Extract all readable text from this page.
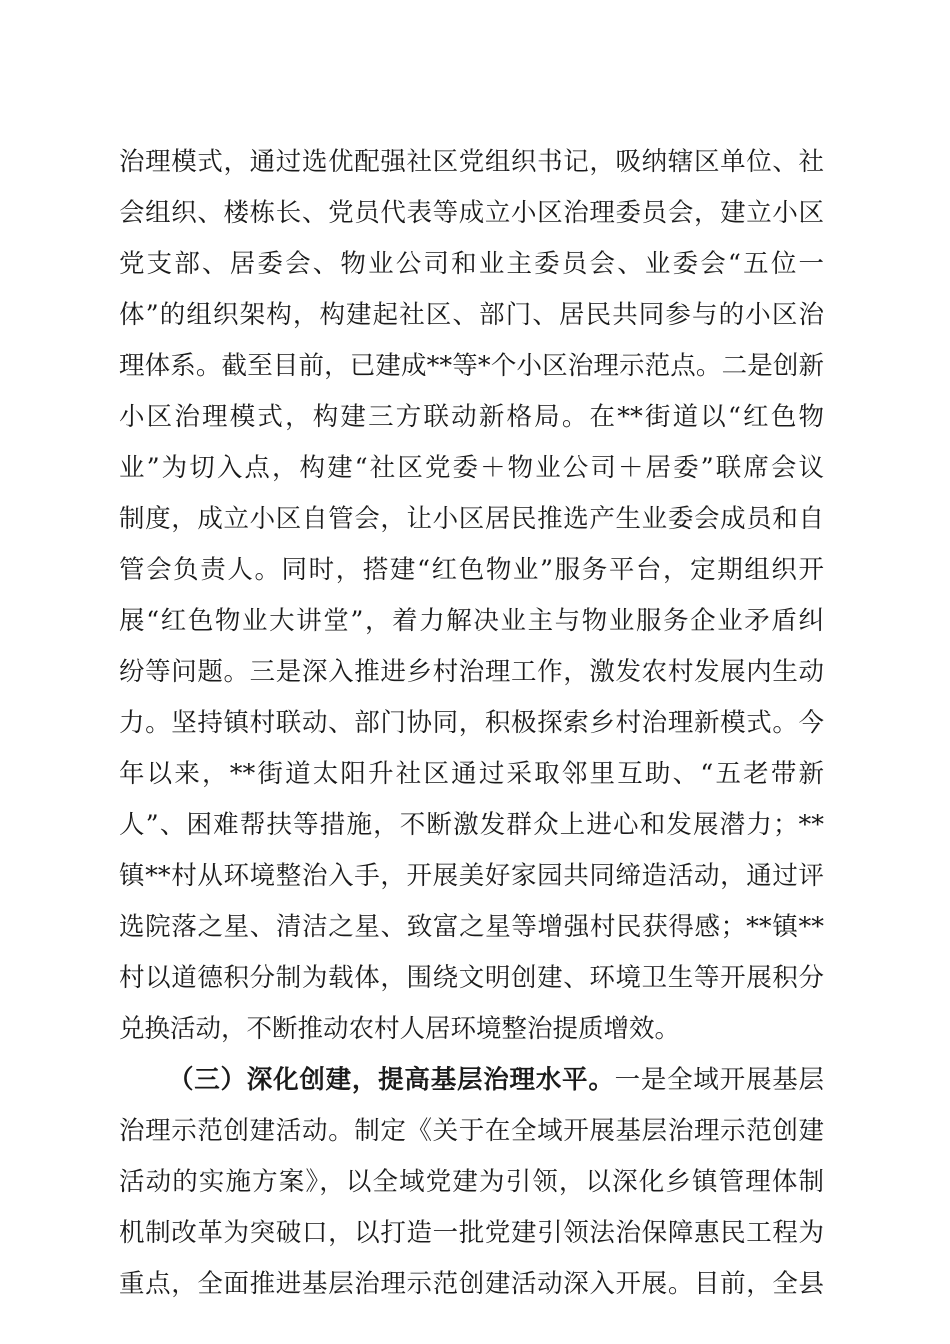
治理模式，通过选优配强社区党组织书记，吸纳辖区单位、社

会组织、楼栋长、党员代表等成立小区治理委员会，建立小区

党支部、居委会、物业公司和业主委员会、业委会“五位一

体”的组织架构，构建起社区、部门、居民共同参与的小区治

理体系。截至目前，已建成**等*个小区治理示范点。二是创新

小区治理模式，构建三方联动新格局。在**街道以“红色物

业”为切入点，构建“社区党委＋物业公司＋居委”联席会议

制度，成立小区自管会，让小区居民推选产生业委会成员和自

管会负责人。同时，搭建“红色物业”服务平台，定期组织开

展“红色物业大讲堂”，着力解决业主与物业服务企业矛盾纠

纷等问题。三是深入推进乡村治理工作，激发农村发展内生动

力。坚持镇村联动、部门协同，积极探索乡村治理新模式。今

年以来，**街道太阳升社区通过采取邻里互助、“五老带新

人”、困难帮扶等措施，不断激发群众上进心和发展潜力；**

镇**村从环境整治入手，开展美好家园共同缔造活动，通过评

选院落之星、清洁之星、致富之星等增强村民获得感；**镇**

村以道德积分制为载体，围绕文明创建、环境卫生等开展积分

兑换活动，不断推动农村人居环境整治提质增效。

（三）深化创建，提高基层治理水平。一是全域开展基层

治理示范创建活动。制定《关于在全域开展基层治理示范创建

活动的实施方案》，以全域党建为引领，以深化乡镇管理体制

机制改革为突破口，以打造一批党建引领法治保障惠民工程为

重点，全面推进基层治理示范创建活动深入开展。目前，全县
